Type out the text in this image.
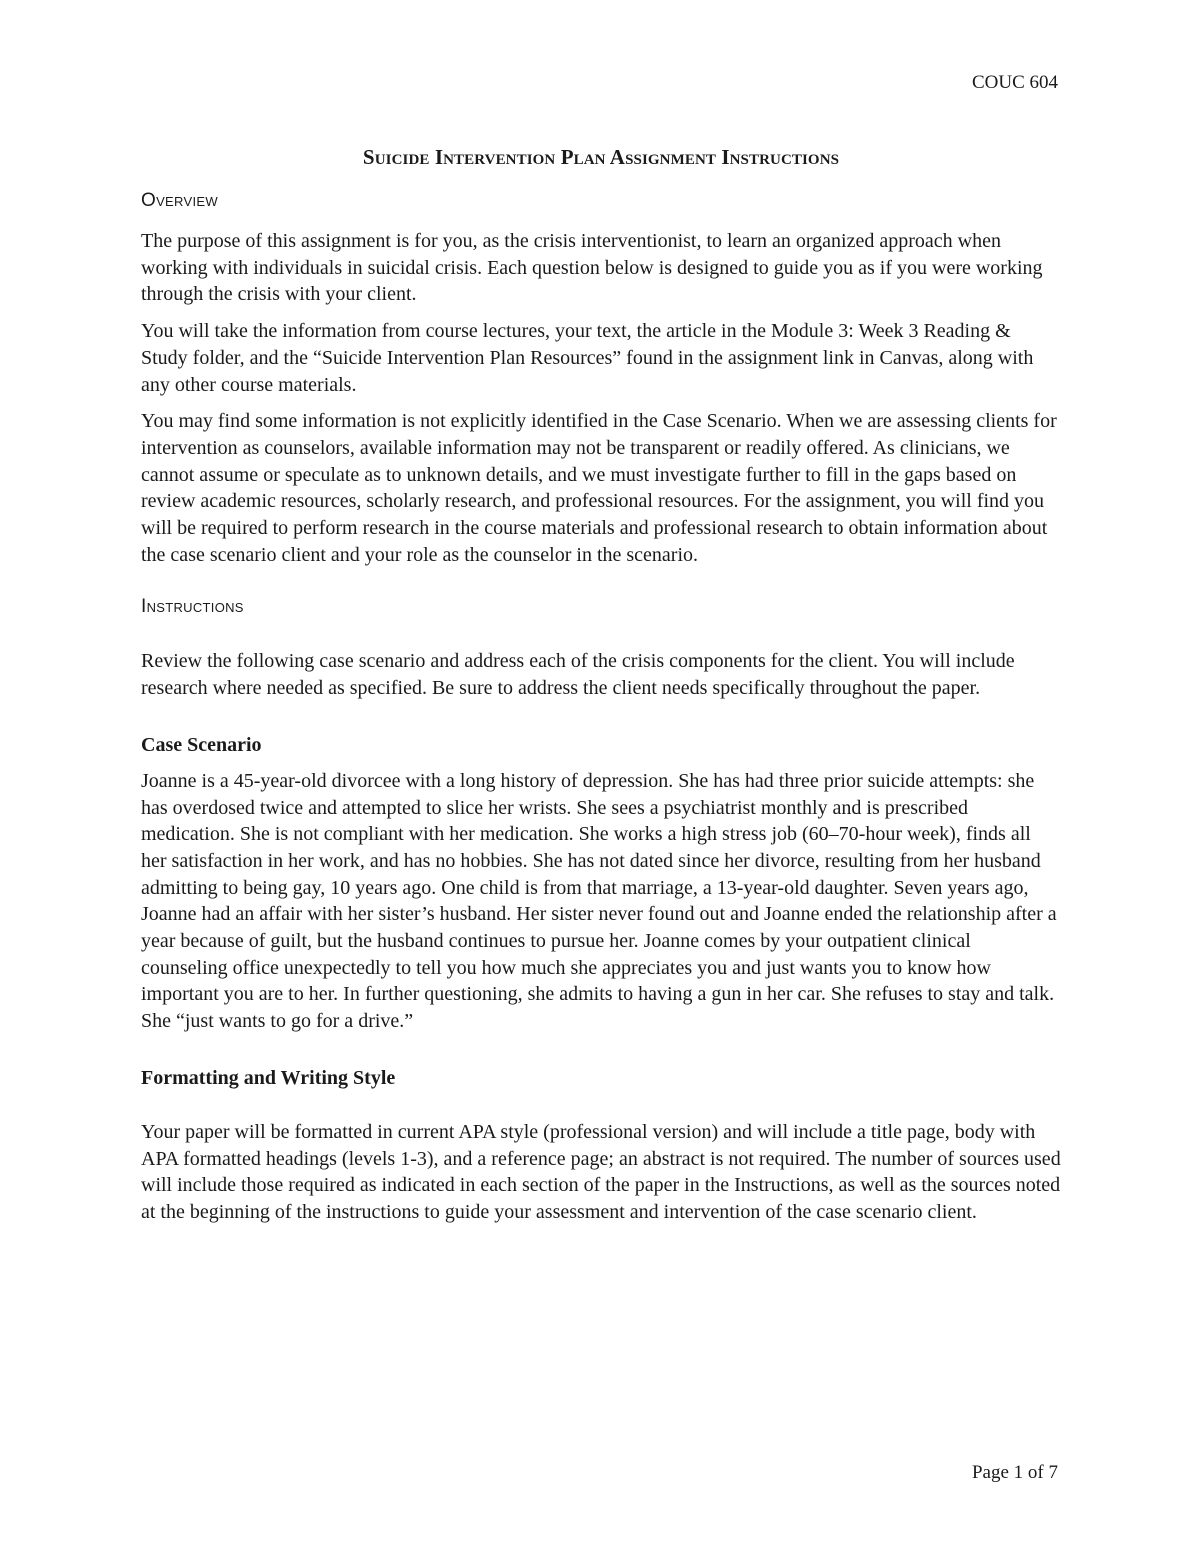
COUC 604
Suicide Intervention Plan Assignment Instructions
Overview

The purpose of this assignment is for you, as the crisis interventionist, to learn an organized approach when working with individuals in suicidal crisis. Each question below is designed to guide you as if you were working through the crisis with your client.

You will take the information from course lectures, your text, the article in the Module 3: Week 3 Reading & Study folder, and the “Suicide Intervention Plan Resources” found in the assignment link in Canvas, along with any other course materials.

You may find some information is not explicitly identified in the Case Scenario. When we are assessing clients for intervention as counselors, available information may not be transparent or readily offered. As clinicians, we cannot assume or speculate as to unknown details, and we must investigate further to fill in the gaps based on review academic resources, scholarly research, and professional resources. For the assignment, you will find you will be required to perform research in the course materials and professional research to obtain information about the case scenario client and your role as the counselor in the scenario.

Instructions

Review the following case scenario and address each of the crisis components for the client. You will include research where needed as specified. Be sure to address the client needs specifically throughout the paper.

Case Scenario

Joanne is a 45-year-old divorcee with a long history of depression. She has had three prior suicide attempts: she has overdosed twice and attempted to slice her wrists. She sees a psychiatrist monthly and is prescribed medication. She is not compliant with her medication. She works a high stress job (60–70-hour week), finds all her satisfaction in her work, and has no hobbies. She has not dated since her divorce, resulting from her husband admitting to being gay, 10 years ago. One child is from that marriage, a 13-year-old daughter. Seven years ago, Joanne had an affair with her sister’s husband. Her sister never found out and Joanne ended the relationship after a year because of guilt, but the husband continues to pursue her. Joanne comes by your outpatient clinical counseling office unexpectedly to tell you how much she appreciates you and just wants you to know how important you are to her. In further questioning, she admits to having a gun in her car. She refuses to stay and talk. She “just wants to go for a drive.”

Formatting and Writing Style

Your paper will be formatted in current APA style (professional version) and will include a title page, body with APA formatted headings (levels 1-3), and a reference page; an abstract is not required. The number of sources used will include those required as indicated in each section of the paper in the Instructions, as well as the sources noted at the beginning of the instructions to guide your assessment and intervention of the case scenario client.

Page 1 of 7
